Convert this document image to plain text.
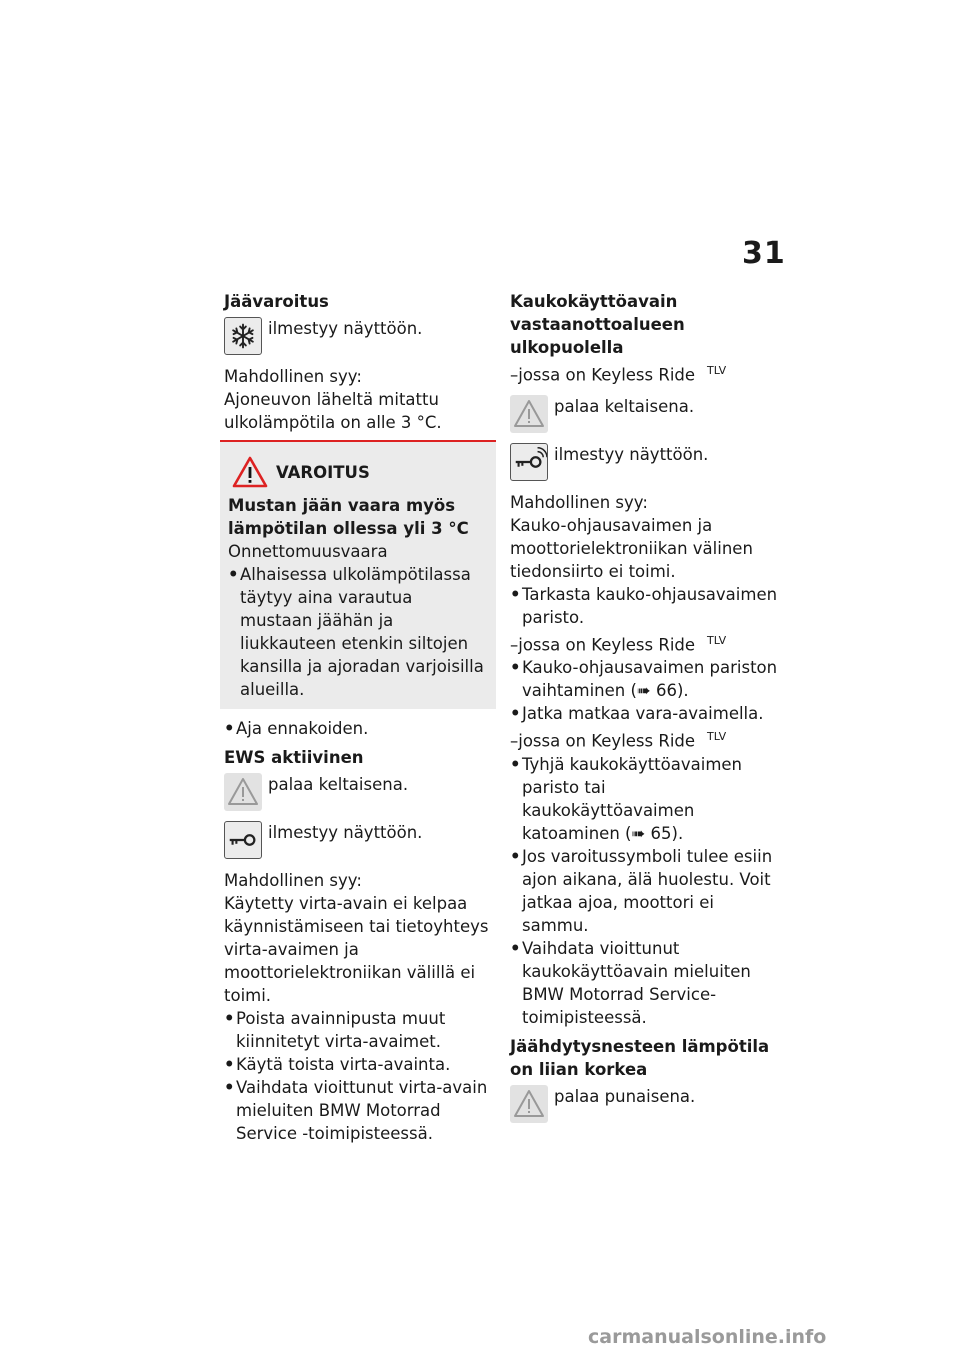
31

Jäävaroitus

ilmestyy näyttöön.

Mahdollinen syy:

Ajoneuvon läheltä mitattu ulkolämpötila on alle 3 °C.

VAROITUS

Mustan jään vaara myös lämpötilan ollessa yli 3 °C

Onnettomuusvaara

• Alhaisessa ulkolämpötilassa täytyy aina varautua mustaan jäähän ja liukkauteen etenkin siltojen kansilla ja ajoradan varjoisilla alueilla.
• Aja ennakoiden.

EWS aktiivinen

palaa keltaisena.

ilmestyy näyttöön.

Mahdollinen syy:

Käytetty virta-avain ei kelpaa käynnistämiseen tai tietoyhteys virta-avaimen ja moottorielektroniikan välillä ei toimi.

• Poista avainnipusta muut kiinnitetyt virta-avaimet.
• Käytä toista virta-avainta.
• Vaihdata vioittunut virta-avain mieluiten BMW Motorrad Service -toimipisteessä.

Kaukokäyttöavain vastaanottoalueen ulkopuolella

–jossa on Keyless Ride $^{TLV}$

palaa keltaisena.

ilmestyy näyttöön.

Mahdollinen syy:

Kauko-ohjausavaimen ja moottorielektroniikan välinen tiedonsiirto ei toimi.

• Tarkasta kauko-ohjausavaimen paristo.

–jossa on Keyless Ride $^{TLV}$

• Kauko-ohjausavaimen pariston vaihtaminen (➠ 66).
• Jatka matkaa vara-avaimella.

–jossa on Keyless Ride $^{TLV}$

• Tyhjä kaukokäyttöavaimen paristo tai kaukokäyttöavaimen katoaminen (➠ 65).
• Jos varoitussymboli tulee esiin ajon aikana, älä huolestu. Voit jatkaa ajoa, moottori ei sammu.
• Vaihdata vioittunut kaukokäyttöavain mieluiten BMW Motorrad Service-toimipisteessä.

Jäähdytysnesteen lämpötila on liian korkea

palaa punaisena.

carmanualsonline.info
